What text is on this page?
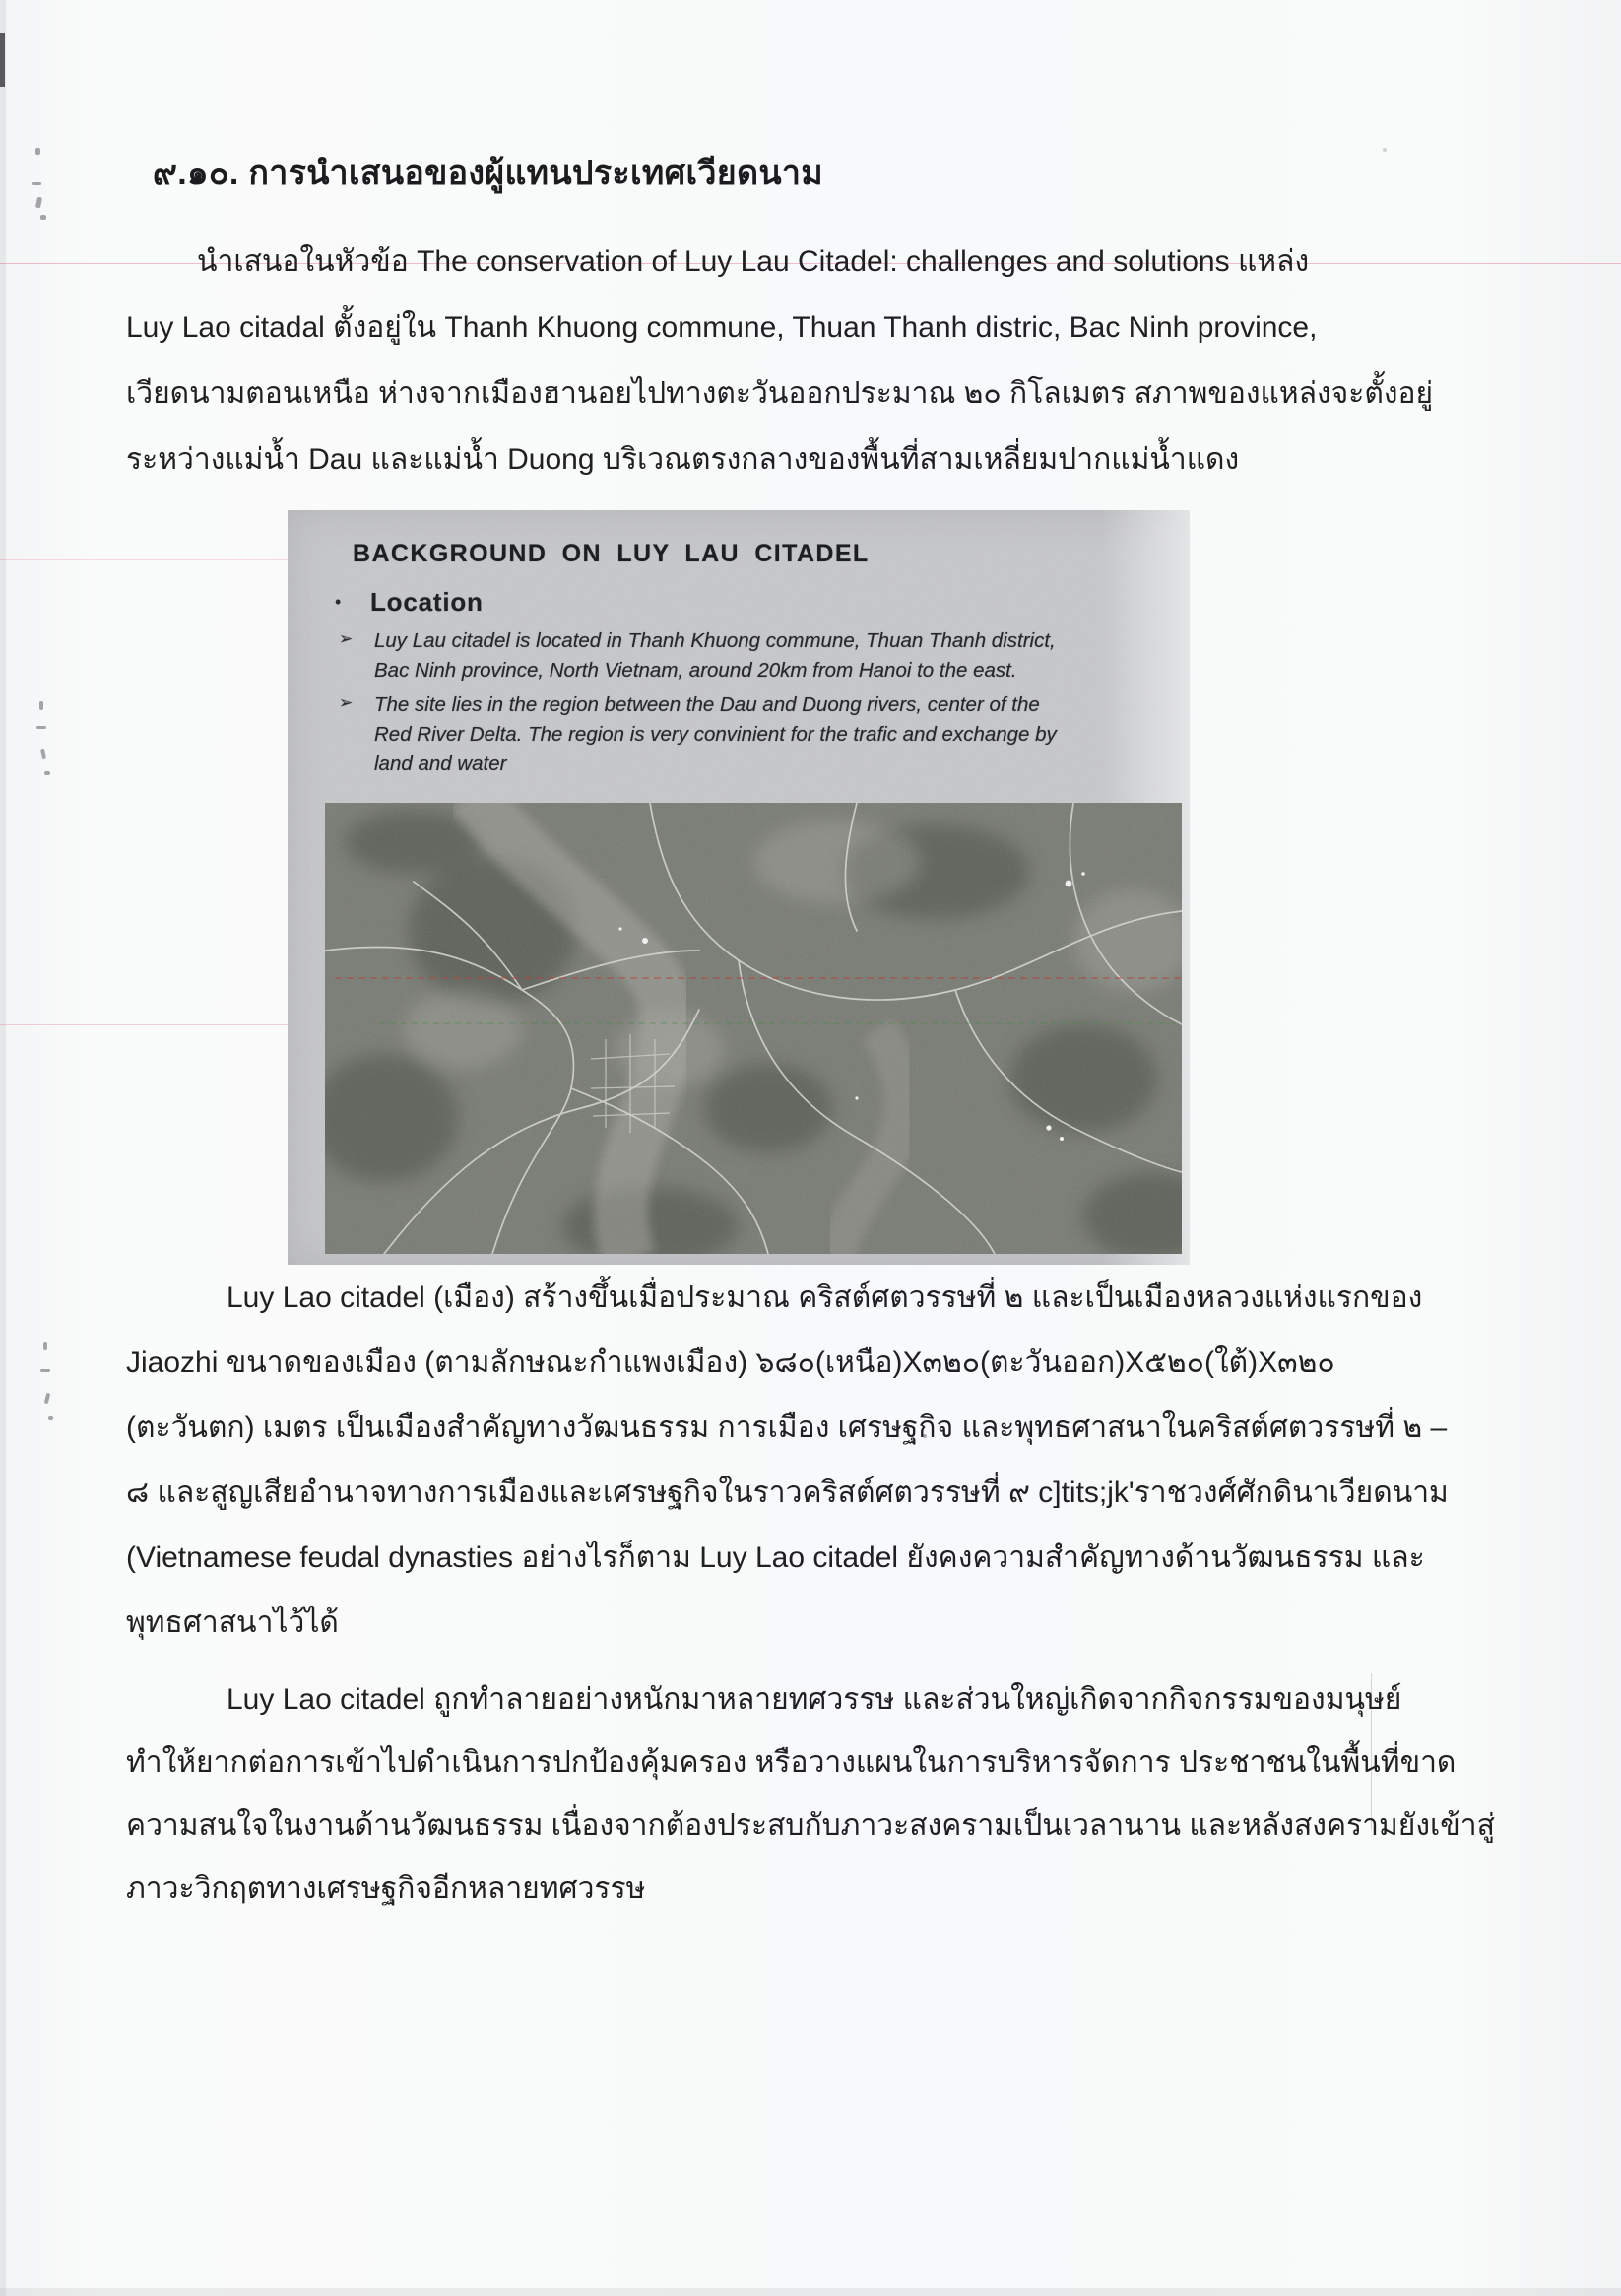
๙.๑๐. การนำเสนอของผู้แทนประเทศเวียดนาม
นำเสนอในหัวข้อ The conservation of Luy Lau Citadel: challenges and solutions แหล่ง
Luy Lao citadal ตั้งอยู่ใน Thanh Khuong commune, Thuan Thanh distric, Bac Ninh province,
เวียดนามตอนเหนือ ห่างจากเมืองฮานอยไปทางตะวันออกประมาณ ๒๐ กิโลเมตร สภาพของแหล่งจะตั้งอยู่
ระหว่างแม่น้ำ Dau และแม่น้ำ Duong บริเวณตรงกลางของพื้นที่สามเหลี่ยมปากแม่น้ำแดง
BACKGROUND ON LUY LAU CITADEL
•	Location
➢	Luy Lau citadel is located in Thanh Khuong commune, Thuan Thanh district,
Bac Ninh province, North Vietnam, around 20km from Hanoi to the east.
➢	The site lies in the region between the Dau and Duong rivers, center of the
Red River Delta. The region is very convinient for the trafic and exchange by
land and water
Luy Lao citadel (เมือง) สร้างขึ้นเมื่อประมาณ คริสต์ศตวรรษที่ ๒ และเป็นเมืองหลวงแห่งแรกของ
Jiaozhi ขนาดของเมือง (ตามลักษณะกำแพงเมือง) ๖๘๐(เหนือ)X๓๒๐(ตะวันออก)X๕๒๐(ใต้)X๓๒๐
(ตะวันตก) เมตร เป็นเมืองสำคัญทางวัฒนธรรม การเมือง เศรษฐกิจ และพุทธศาสนาในคริสต์ศตวรรษที่ ๒ –
๘ และสูญเสียอำนาจทางการเมืองและเศรษฐกิจในราวคริสต์ศตวรรษที่ ๙ c]tits;jk'ราชวงศ์ศักดินาเวียดนาม
(Vietnamese feudal dynasties อย่างไรก็ตาม Luy Lao citadel ยังคงความสำคัญทางด้านวัฒนธรรม และ
พุทธศาสนาไว้ได้
Luy Lao citadel ถูกทำลายอย่างหนักมาหลายทศวรรษ และส่วนใหญ่เกิดจากกิจกรรมของมนุษย์
ทำให้ยากต่อการเข้าไปดำเนินการปกป้องคุ้มครอง หรือวางแผนในการบริหารจัดการ ประชาชนในพื้นที่ขาด
ความสนใจในงานด้านวัฒนธรรม เนื่องจากต้องประสบกับภาวะสงครามเป็นเวลานาน และหลังสงครามยังเข้าสู่
ภาวะวิกฤตทางเศรษฐกิจอีกหลายทศวรรษ
